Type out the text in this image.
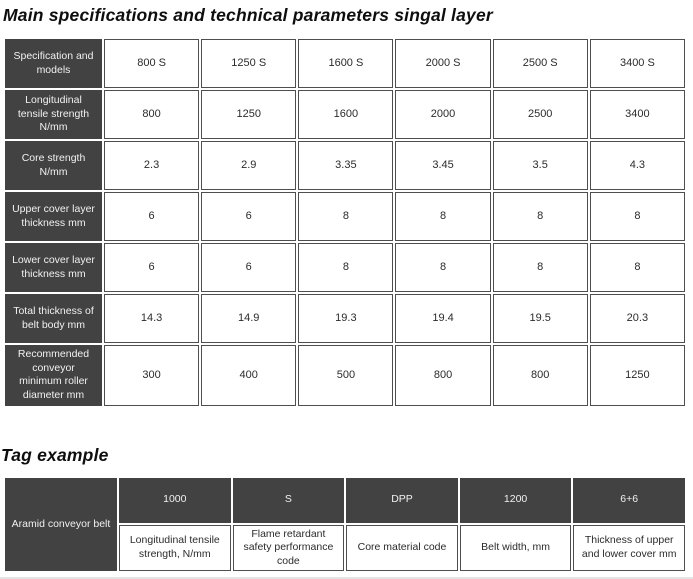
Main specifications and technical parameters singal layer
Specification and models	800 S	1250 S	1600 S	2000 S	2500 S	3400 S
Longitudinal tensile strength N/mm	800	1250	1600	2000	2500	3400
Core strength N/mm	2.3	2.9	3.35	3.45	3.5	4.3
Upper cover layer thickness mm	6	6	8	8	8	8
Lower cover layer thickness mm	6	6	8	8	8	8
Total thickness of belt body mm	14.3	14.9	19.3	19.4	19.5	20.3
Recommended conveyor minimum roller diameter mm	300	400	500	800	800	1250
Tag example
Aramid conveyor belt	1000	S	DPP	1200	6+6
	Longitudinal tensile strength, N/mm	Flame retardant safety performance code	Core material code	Belt width, mm	Thickness of upper and lower cover mm
